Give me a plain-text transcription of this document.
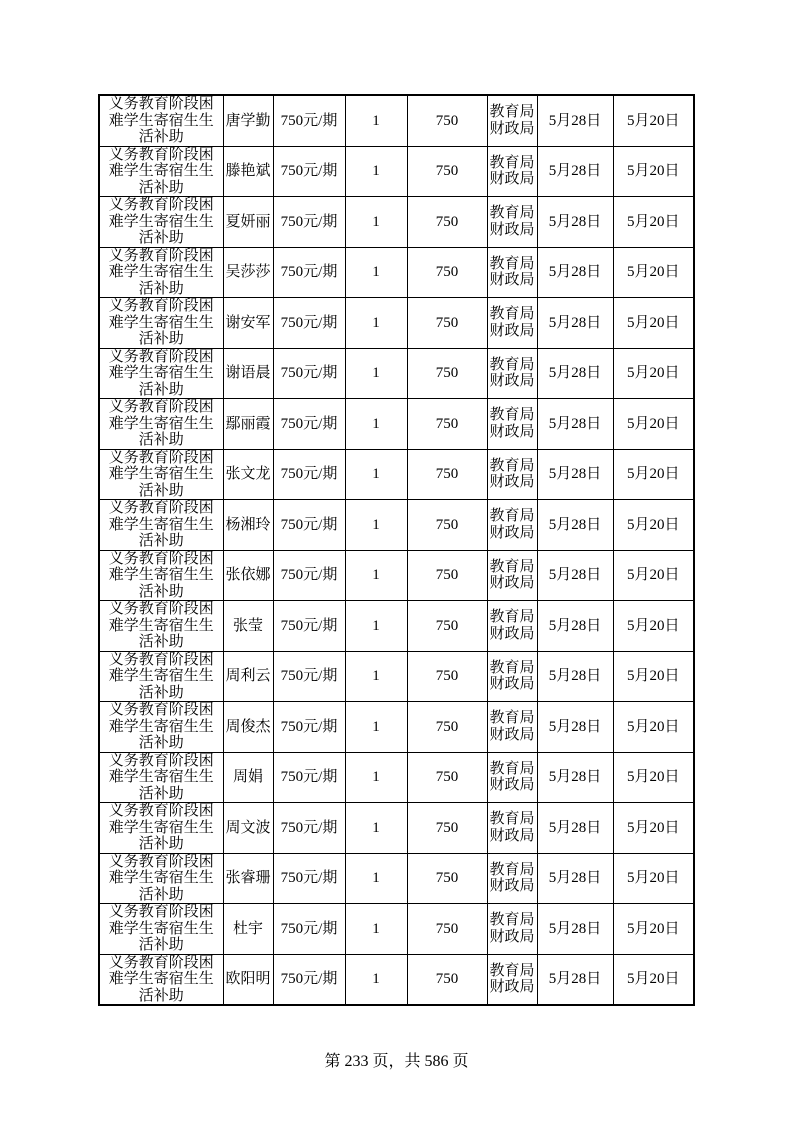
义务教育阶段困难学生寄宿生生活补助	唐学勤	750元/期	1	750	教育局财政局	5月28日	5月20日
义务教育阶段困难学生寄宿生生活补助	滕艳斌	750元/期	1	750	教育局财政局	5月28日	5月20日
义务教育阶段困难学生寄宿生生活补助	夏妍丽	750元/期	1	750	教育局财政局	5月28日	5月20日
义务教育阶段困难学生寄宿生生活补助	吴莎莎	750元/期	1	750	教育局财政局	5月28日	5月20日
义务教育阶段困难学生寄宿生生活补助	谢安军	750元/期	1	750	教育局财政局	5月28日	5月20日
义务教育阶段困难学生寄宿生生活补助	谢语晨	750元/期	1	750	教育局财政局	5月28日	5月20日
义务教育阶段困难学生寄宿生生活补助	鄢丽霞	750元/期	1	750	教育局财政局	5月28日	5月20日
义务教育阶段困难学生寄宿生生活补助	张文龙	750元/期	1	750	教育局财政局	5月28日	5月20日
义务教育阶段困难学生寄宿生生活补助	杨湘玲	750元/期	1	750	教育局财政局	5月28日	5月20日
义务教育阶段困难学生寄宿生生活补助	张依娜	750元/期	1	750	教育局财政局	5月28日	5月20日
义务教育阶段困难学生寄宿生生活补助	张莹	750元/期	1	750	教育局财政局	5月28日	5月20日
义务教育阶段困难学生寄宿生生活补助	周利云	750元/期	1	750	教育局财政局	5月28日	5月20日
义务教育阶段困难学生寄宿生生活补助	周俊杰	750元/期	1	750	教育局财政局	5月28日	5月20日
义务教育阶段困难学生寄宿生生活补助	周娟	750元/期	1	750	教育局财政局	5月28日	5月20日
义务教育阶段困难学生寄宿生生活补助	周文波	750元/期	1	750	教育局财政局	5月28日	5月20日
义务教育阶段困难学生寄宿生生活补助	张睿珊	750元/期	1	750	教育局财政局	5月28日	5月20日
义务教育阶段困难学生寄宿生生活补助	杜宇	750元/期	1	750	教育局财政局	5月28日	5月20日
义务教育阶段困难学生寄宿生生活补助	欧阳明	750元/期	1	750	教育局财政局	5月28日	5月20日
第 233 页，共 586 页
